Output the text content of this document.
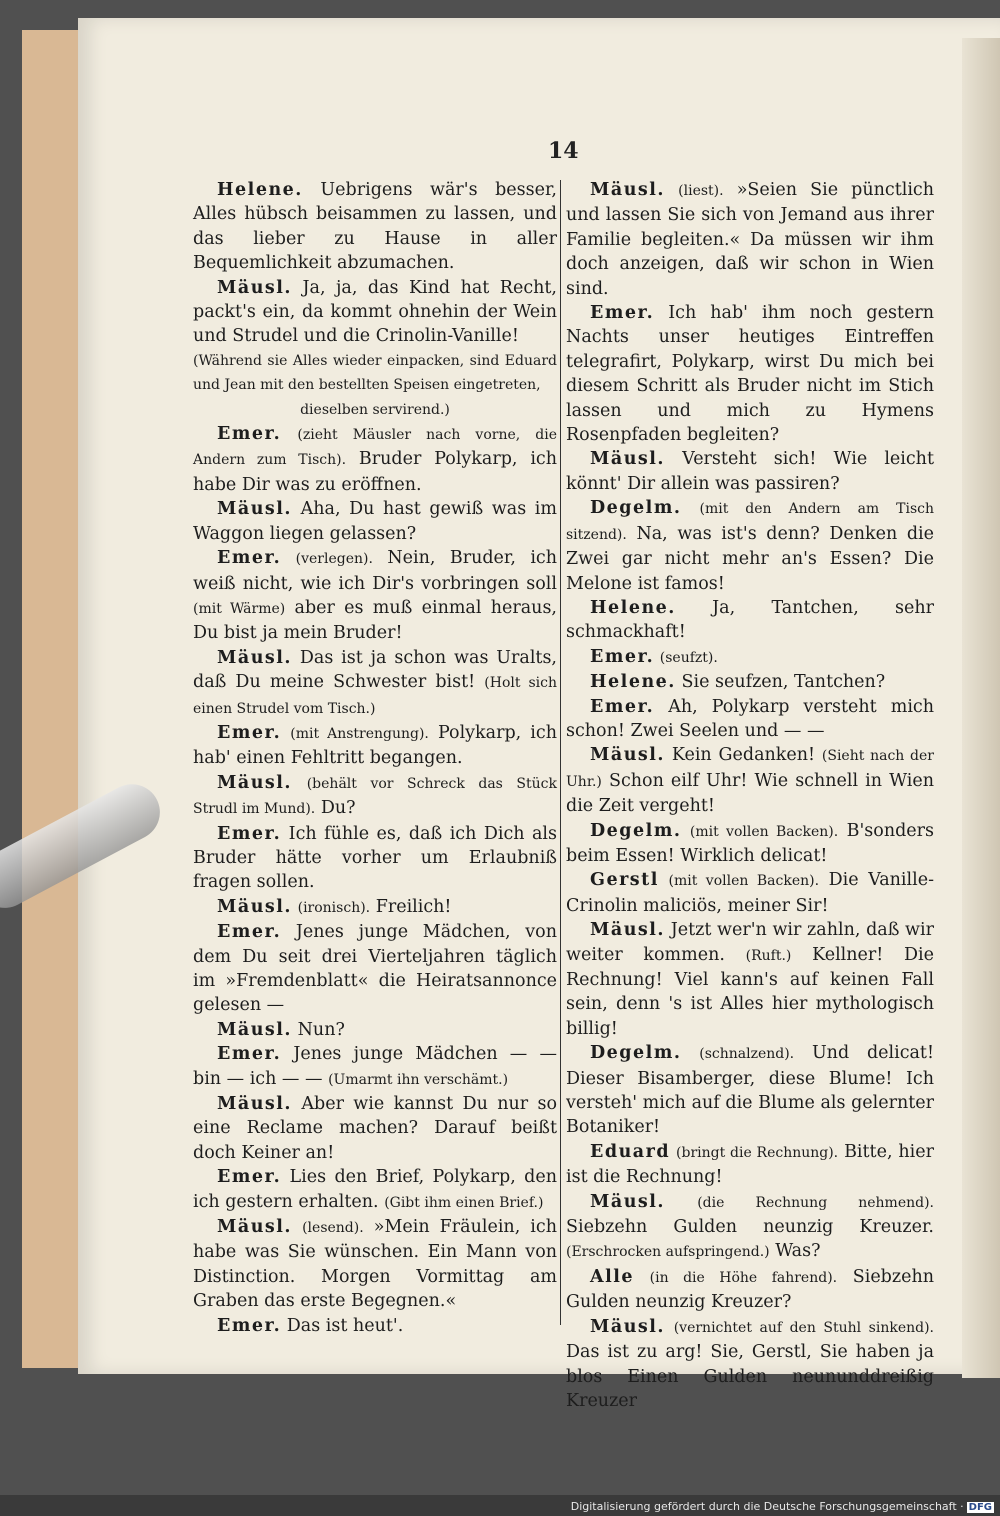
14

Helene. Uebrigens wär's besser, Alles hübsch beisammen zu lassen, und das lieber zu Hause in aller Bequemlichkeit abzumachen.

Mäusl. Ja, ja, das Kind hat Recht, packt's ein, da kommt ohnehin der Wein und Strudel und die Crinolin-Vanille!

(Während sie Alles wieder einpacken, sind Eduard und Jean mit den bestellten Speisen eingetreten,

dieselben servirend.)

Emer. (zieht Mäusler nach vorne, die Andern zum Tisch). Bruder Polykarp, ich habe Dir was zu eröffnen.

Mäusl. Aha, Du hast gewiß was im Waggon liegen gelassen?

Emer. (verlegen). Nein, Bruder, ich weiß nicht, wie ich Dir's vorbringen soll (mit Wärme) aber es muß einmal heraus, Du bist ja mein Bruder!

Mäusl. Das ist ja schon was Uralts, daß Du meine Schwester bist! (Holt sich einen Strudel vom Tisch.)

Emer. (mit Anstrengung). Polykarp, ich hab' einen Fehltritt begangen.

Mäusl. (behält vor Schreck das Stück Strudl im Mund). Du?

Emer. Ich fühle es, daß ich Dich als Bruder hätte vorher um Erlaubniß fragen sollen.

Mäusl. (ironisch). Freilich!

Emer. Jenes junge Mädchen, von dem Du seit drei Vierteljahren täglich im »Fremdenblatt« die Heiratsannonce gelesen —

Mäusl. Nun?

Emer. Jenes junge Mädchen — — bin — ich — — (Umarmt ihn verschämt.)

Mäusl. Aber wie kannst Du nur so eine Reclame machen? Darauf beißt doch Keiner an!

Emer. Lies den Brief, Polykarp, den ich gestern erhalten. (Gibt ihm einen Brief.)

Mäusl. (lesend). »Mein Fräulein, ich habe was Sie wünschen. Ein Mann von Distinction. Morgen Vormittag am Graben das erste Begegnen.«

Emer. Das ist heut'.

Mäusl. (liest). »Seien Sie pünctlich und lassen Sie sich von Jemand aus ihrer Familie begleiten.« Da müssen wir ihm doch anzeigen, daß wir schon in Wien sind.

Emer. Ich hab' ihm noch gestern Nachts unser heutiges Eintreffen telegrafirt, Polykarp, wirst Du mich bei diesem Schritt als Bruder nicht im Stich lassen und mich zu Hymens Rosenpfaden begleiten?

Mäusl. Versteht sich! Wie leicht könnt' Dir allein was passiren?

Degelm. (mit den Andern am Tisch sitzend). Na, was ist's denn? Denken die Zwei gar nicht mehr an's Essen? Die Melone ist famos!

Helene. Ja, Tantchen, sehr schmackhaft!

Emer. (seufzt).

Helene. Sie seufzen, Tantchen?

Emer. Ah, Polykarp versteht mich schon! Zwei Seelen und — —

Mäusl. Kein Gedanken! (Sieht nach der Uhr.) Schon eilf Uhr! Wie schnell in Wien die Zeit vergeht!

Degelm. (mit vollen Backen). B'sonders beim Essen! Wirklich delicat!

Gerstl (mit vollen Backen). Die Vanille-Crinolin maliciös, meiner Sir!

Mäusl. Jetzt wer'n wir zahln, daß wir weiter kommen. (Ruft.) Kellner! Die Rechnung! Viel kann's auf keinen Fall sein, denn 's ist Alles hier mythologisch billig!

Degelm. (schnalzend). Und delicat! Dieser Bisamberger, diese Blume! Ich versteh' mich auf die Blume als gelernter Botaniker!

Eduard (bringt die Rechnung). Bitte, hier ist die Rechnung!

Mäusl. (die Rechnung nehmend). Siebzehn Gulden neunzig Kreuzer. (Erschrocken aufspringend.) Was?

Alle (in die Höhe fahrend). Siebzehn Gulden neunzig Kreuzer?

Mäusl. (vernichtet auf den Stuhl sinkend). Das ist zu arg! Sie, Gerstl, Sie haben ja blos Einen Gulden neununddreißig Kreuzer

Digitalisierung gefördert durch die Deutsche Forschungsgemeinschaft · DFG
